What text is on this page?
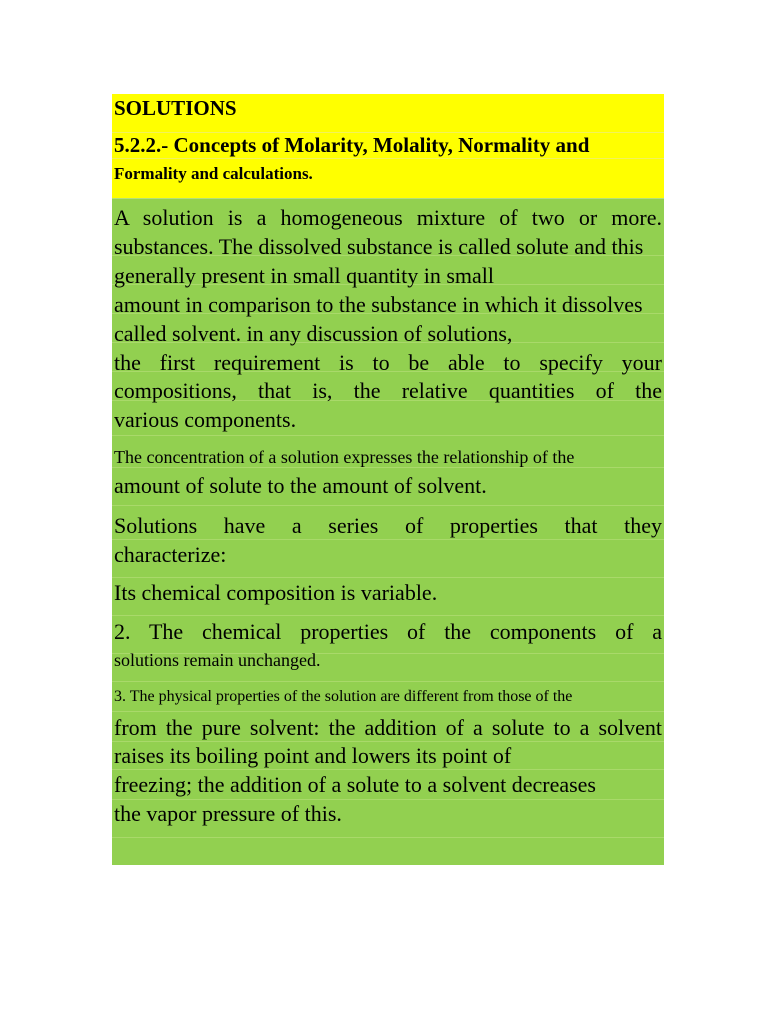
SOLUTIONS
5.2.2.- Concepts of Molarity, Molality, Normality and
Formality and calculations.
A solution is a homogeneous mixture of two or more.
substances. The dissolved substance is called solute and this
generally present in small quantity in small
amount in comparison to the substance in which it dissolves
called solvent. in any discussion of solutions,
the first requirement is to be able to specify your
compositions, that is, the relative quantities of the
various components.
The concentration of a solution expresses the relationship of the
amount of solute to the amount of solvent.
Solutions have a series of properties that they
characterize:
Its chemical composition is variable.
2. The chemical properties of the components of a
solutions remain unchanged.
3. The physical properties of the solution are different from those of the
from the pure solvent: the addition of a solute to a solvent
raises its boiling point and lowers its point of
freezing; the addition of a solute to a solvent decreases
the vapor pressure of this.
